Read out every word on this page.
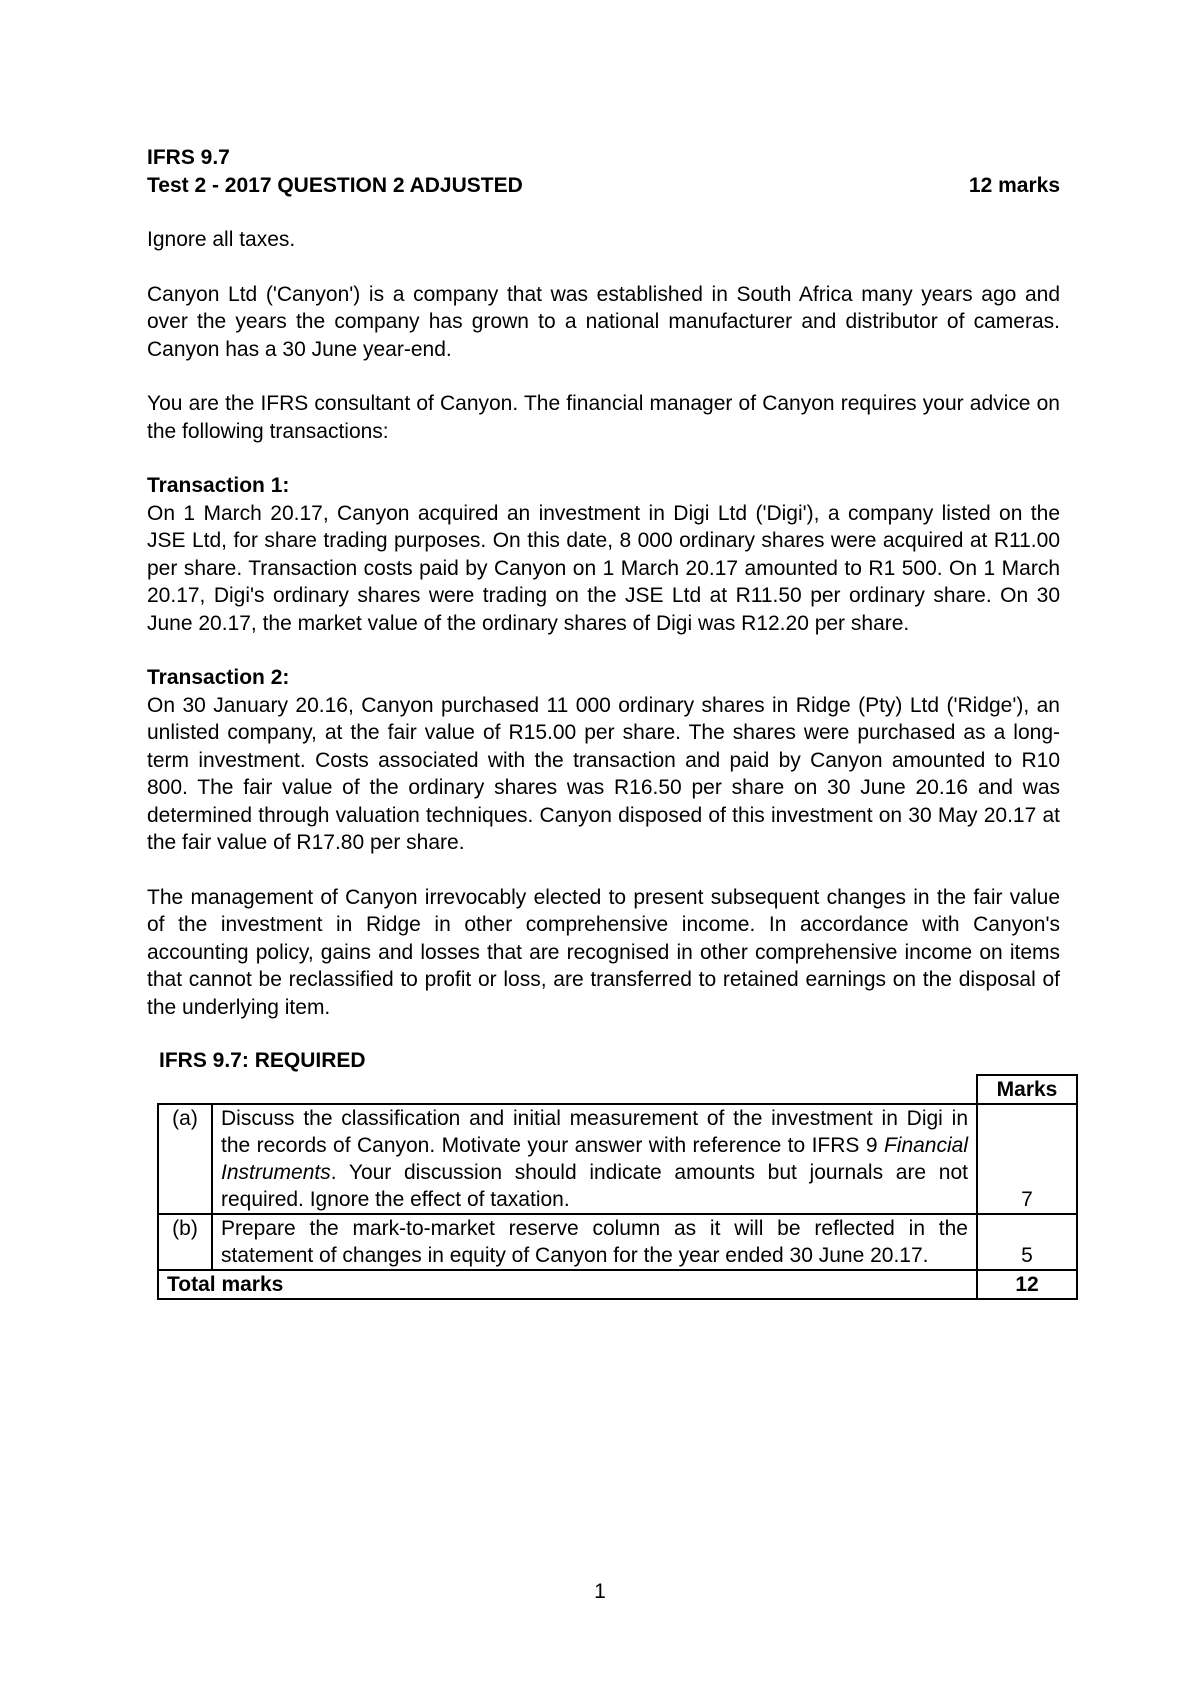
IFRS 9.7
Test 2 - 2017 QUESTION 2 ADJUSTED	12 marks

Ignore all taxes.

Canyon Ltd ('Canyon') is a company that was established in South Africa many years ago and over the years the company has grown to a national manufacturer and distributor of cameras. Canyon has a 30 June year-end.

You are the IFRS consultant of Canyon. The financial manager of Canyon requires your advice on the following transactions:

Transaction 1:

On 1 March 20.17, Canyon acquired an investment in Digi Ltd ('Digi'), a company listed on the JSE Ltd, for share trading purposes. On this date, 8 000 ordinary shares were acquired at R11.00 per share. Transaction costs paid by Canyon on 1 March 20.17 amounted to R1 500. On 1 March 20.17, Digi's ordinary shares were trading on the JSE Ltd at R11.50 per ordinary share. On 30 June 20.17, the market value of the ordinary shares of Digi was R12.20 per share.

Transaction 2:

On 30 January 20.16, Canyon purchased 11 000 ordinary shares in Ridge (Pty) Ltd ('Ridge'), an unlisted company, at the fair value of R15.00 per share. The shares were purchased as a long-term investment. Costs associated with the transaction and paid by Canyon amounted to R10 800. The fair value of the ordinary shares was R16.50 per share on 30 June 20.16 and was determined through valuation techniques. Canyon disposed of this investment on 30 May 20.17 at the fair value of R17.80 per share.

The management of Canyon irrevocably elected to present subsequent changes in the fair value of the investment in Ridge in other comprehensive income. In accordance with Canyon's accounting policy, gains and losses that are recognised in other comprehensive income on items that cannot be reclassified to profit or loss, are transferred to retained earnings on the disposal of the underlying item.

IFRS 9.7: REQUIRED
		Marks
(a)	Discuss the classification and initial measurement of the investment in Digi in the records of Canyon. Motivate your answer with reference to IFRS 9 Financial Instruments. Your discussion should indicate amounts but journals are not required. Ignore the effect of taxation.	7
(b)	Prepare the mark-to-market reserve column as it will be reflected in the statement of changes in equity of Canyon for the year ended 30 June 20.17.	5
Total marks		12
1
